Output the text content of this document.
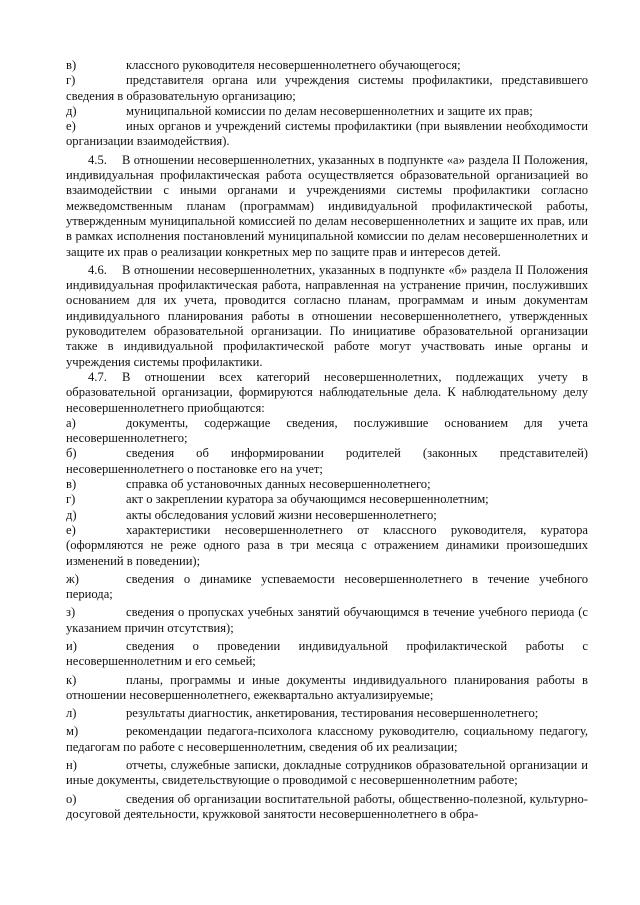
в)	классного руководителя несовершеннолетнего обучающегося;

г)	представителя органа или учреждения системы профилактики, представившего сведения в образовательную организацию;

д)	муниципальной комиссии по делам несовершеннолетних и защите их прав;

е)	иных органов и учреждений системы профилактики (при выявлении необходимости организации взаимодействия).

4.5. В отношении несовершеннолетних, указанных в подпункте «а» раздела II Положения, индивидуальная профилактическая работа осуществляется образовательной организацией во взаимодействии с иными органами и учреждениями системы профилактики согласно межведомственным планам (программам) индивидуальной профилактической работы, утвержденным муниципальной комиссией по делам несовершеннолетних и защите их прав, или в рамках исполнения постановлений муниципальной комиссии по делам несовершеннолетних и защите их прав о реализации конкретных мер по защите прав и интересов детей.

4.6. В отношении несовершеннолетних, указанных в подпункте «б» раздела II Положения индивидуальная профилактическая работа, направленная на устранение причин, послуживших основанием для их учета, проводится согласно планам, программам и иным документам индивидуального планирования работы в отношении несовершеннолетнего, утвержденных руководителем образовательной организации. По инициативе образовательной организации также в индивидуальной профилактической работе могут участвовать иные органы и учреждения системы профилактики.

4.7. В отношении всех категорий несовершеннолетних, подлежащих учету в образовательной организации, формируются наблюдательные дела. К наблюдательному делу несовершеннолетнего приобщаются:

а)	документы, содержащие сведения, послужившие основанием для учета несовершеннолетнего;

б)	сведения об информировании родителей (законных представителей) несовершеннолетнего о постановке его на учет;

в)	справка об установочных данных несовершеннолетнего;

г)	акт о закреплении куратора за обучающимся несовершеннолетним;

д)	акты обследования условий жизни несовершеннолетнего;

е)	характеристики несовершеннолетнего от классного руководителя, куратора (оформляются не реже одного раза в три месяца с отражением динамики произошедших изменений в поведении);

ж)	сведения о динамике успеваемости несовершеннолетнего в течение учебного периода;

з)	сведения о пропусках учебных занятий обучающимся в течение учебного периода (с указанием причин отсутствия);

и)	сведения о проведении индивидуальной профилактической работы с несовершеннолетним и его семьей;

к)	планы, программы и иные документы индивидуального планирования работы в отношении несовершеннолетнего, ежеквартально актуализируемые;

л)	результаты диагностик, анкетирования, тестирования несовершеннолетнего;

м)	рекомендации педагога-психолога классному руководителю, социальному педагогу, педагогам по работе с несовершеннолетним, сведения об их реализации;

н)	отчеты, служебные записки, докладные сотрудников образовательной организации и иные документы, свидетельствующие о проводимой с несовершеннолетним работе;

о)	сведения об организации воспитательной работы, общественно-полезной, культурно-досуговой деятельности, кружковой занятости несовершеннолетнего в обра-
